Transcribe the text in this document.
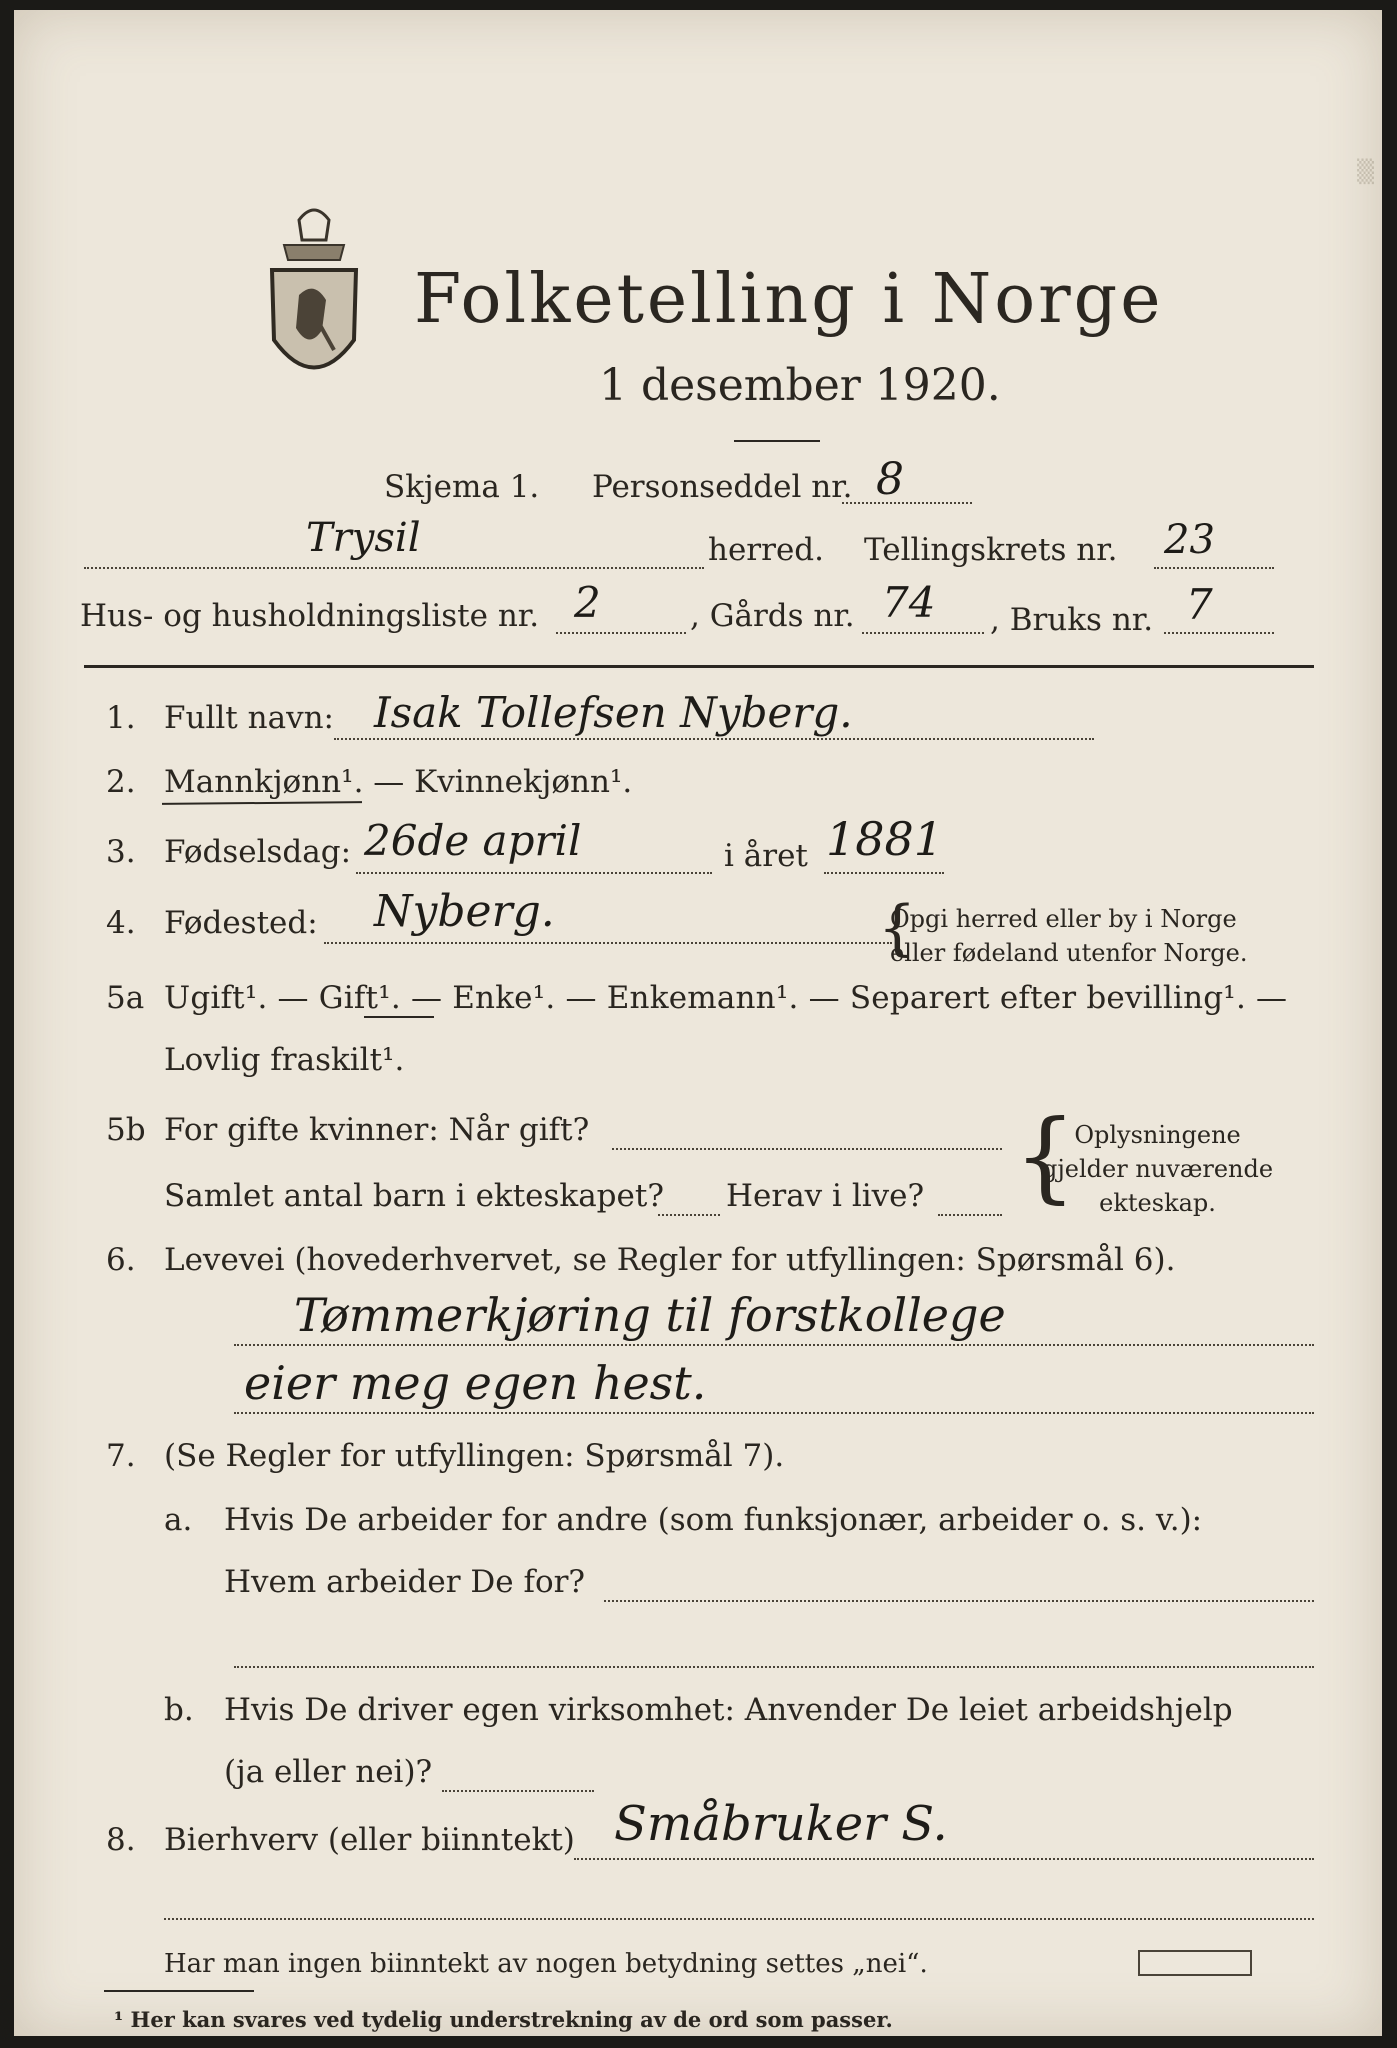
▒
Folketelling i Norge
1 desember 1920.
Skjema 1. Personseddel nr. 8
Trysil	herred. Tellingskrets nr. 23
Hus- og husholdningsliste nr. 2	, Gårds nr. 74 , Bruks nr. 7
1. Fullt navn: Isak Tollefsen Nyberg.
2. Mannkjønn¹. — Kvinnekjønn¹.
3. Fødselsdag: 26de april	i året 1881
4. Fødested: Nyberg.	Opgi herred eller by i Norge
eller fødeland utenfor Norge.
{
5a Ugift¹. — Gift¹. — Enke¹. — Enkemann¹. — Separert efter bevilling¹. —
Lovlig fraskilt¹.
5b For gifte kvinner: Når gift?
Samlet antal barn i ekteskapet? Herav i live? {
Oplysningene
gjelder nuværende
ekteskap.
6. Levevei (hovederhvervet, se Regler for utfyllingen: Spørsmål 6).
Tømmerkjøring til forstkollege
eier meg egen hest.
7. (Se Regler for utfyllingen: Spørsmål 7).
a. Hvis De arbeider for andre (som funksjonær, arbeider o. s. v.):
Hvem arbeider De for?
b. Hvis De driver egen virksomhet: Anvender De leiet arbeidshjelp
(ja eller nei)?
8. Bierhverv (eller biinntekt) Småbruker S.
Har man ingen biinntekt av nogen betydning settes „nei“.
¹ Her kan svares ved tydelig understrekning av de ord som passer.
